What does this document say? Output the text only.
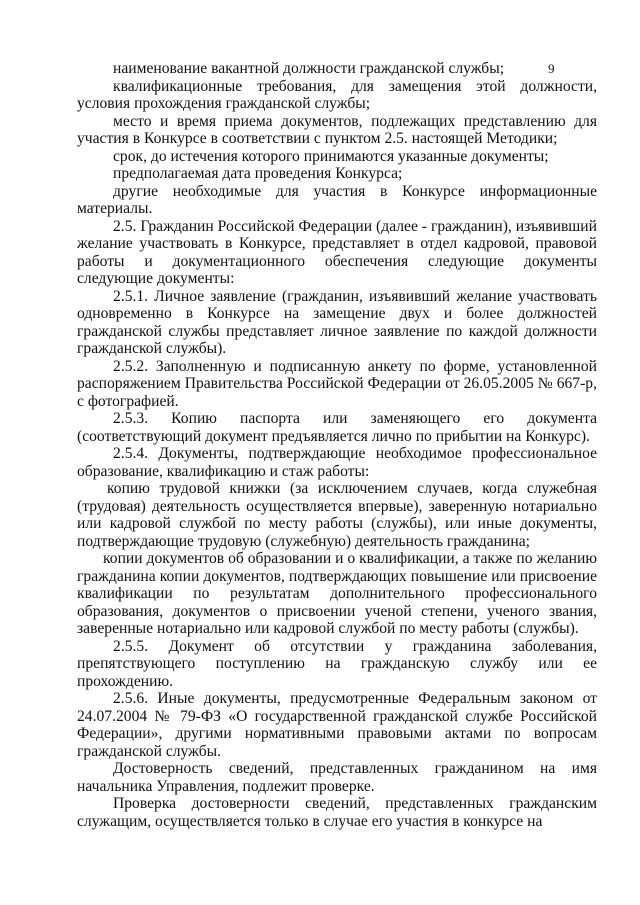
9

наименование вакантной должности гражданской службы;

квалификационные требования, для замещения этой должности, условия прохождения гражданской службы;

место и время приема документов, подлежащих представлению для участия в Конкурсе в соответствии с пунктом 2.5. настоящей Методики;

срок, до истечения которого принимаются указанные документы;

предполагаемая дата проведения Конкурса;

другие необходимые для участия в Конкурсе информационные материалы.

2.5. Гражданин Российской Федерации (далее - гражданин), изъявивший желание участвовать в Конкурсе, представляет в отдел кадровой, правовой работы и документационного обеспечения следующие документы следующие документы:

2.5.1. Личное заявление (гражданин, изъявивший желание участвовать одновременно в Конкурсе на замещение двух и более должностей гражданской службы представляет личное заявление по каждой должности гражданской службы).

2.5.2. Заполненную и подписанную анкету по форме, установленной распоряжением Правительства Российской Федерации от 26.05.2005 № 667-р, с фотографией.

2.5.3. Копию паспорта или заменяющего его документа (соответствующий документ предъявляется лично по прибытии на Конкурс).

2.5.4. Документы, подтверждающие необходимое профессиональное образование, квалификацию и стаж работы:

копию трудовой книжки (за исключением случаев, когда служебная (трудовая) деятельность осуществляется впервые), заверенную нотариально или кадровой службой по месту работы (службы), или иные документы, подтверждающие трудовую (служебную) деятельность гражданина;

копии документов об образовании и о квалификации, а также по желанию гражданина копии документов, подтверждающих повышение или присвоение квалификации по результатам дополнительного профессионального образования, документов о присвоении ученой степени, ученого звания, заверенные нотариально или кадровой службой по месту работы (службы).

2.5.5. Документ об отсутствии у гражданина заболевания, препятствующего поступлению на гражданскую службу или ее прохождению.

2.5.6. Иные документы, предусмотренные Федеральным законом от 24.07.2004 № 79-ФЗ «О государственной гражданской службе Российской Федерации», другими нормативными правовыми актами по вопросам гражданской службы.

Достоверность сведений, представленных гражданином на имя начальника Управления, подлежит проверке.

Проверка достоверности сведений, представленных гражданским служащим, осуществляется только в случае его участия в конкурсе на
